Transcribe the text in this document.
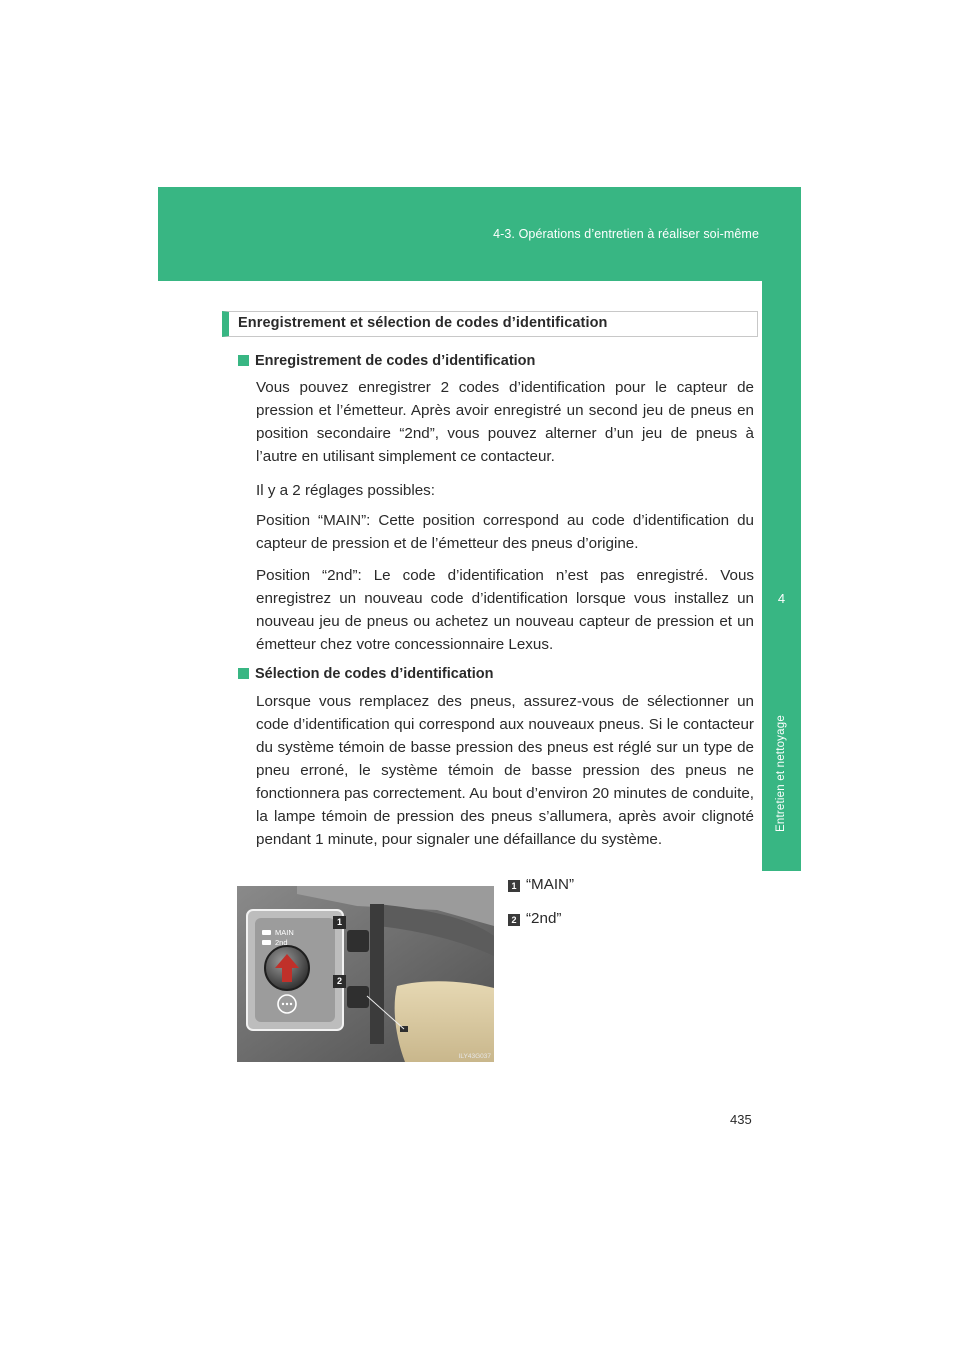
4-3. Opérations d’entretien à réaliser soi-même
4
Entretien et nettoyage
Enregistrement et sélection de codes d’identification
Enregistrement de codes d’identification
Vous pouvez enregistrer 2 codes d’identification pour le capteur de pression et l’émetteur. Après avoir enregistré un second jeu de pneus en position secondaire “2nd”, vous pouvez alterner d’un jeu de pneus à l’autre en utilisant simplement ce contacteur.
Il y a 2 réglages possibles:
Position “MAIN”: Cette position correspond au code d’identification du capteur de pression et de l’émetteur des pneus d’origine.
Position “2nd”: Le code d’identification n’est pas enregistré. Vous enregistrez un nouveau code d’identification lorsque vous installez un nouveau jeu de pneus ou achetez un nouveau capteur de pression et un émetteur chez votre concessionnaire Lexus.
Sélection de codes d’identification
Lorsque vous remplacez des pneus, assurez-vous de sélectionner un code d’identification qui correspond aux nouveaux pneus. Si le contacteur du système témoin de basse pression des pneus est réglé sur un type de pneu erroné, le système témoin de basse pression des pneus ne fonctionnera pas correctement. Au bout d’environ 20 minutes de conduite, la lampe témoin de pression des pneus s’allumera, après avoir clignoté pendant 1 minute, pour signaler une défaillance du système.
MAIN
2nd
1
2
ILY43G037
1 “MAIN”
2 “2nd”
435
